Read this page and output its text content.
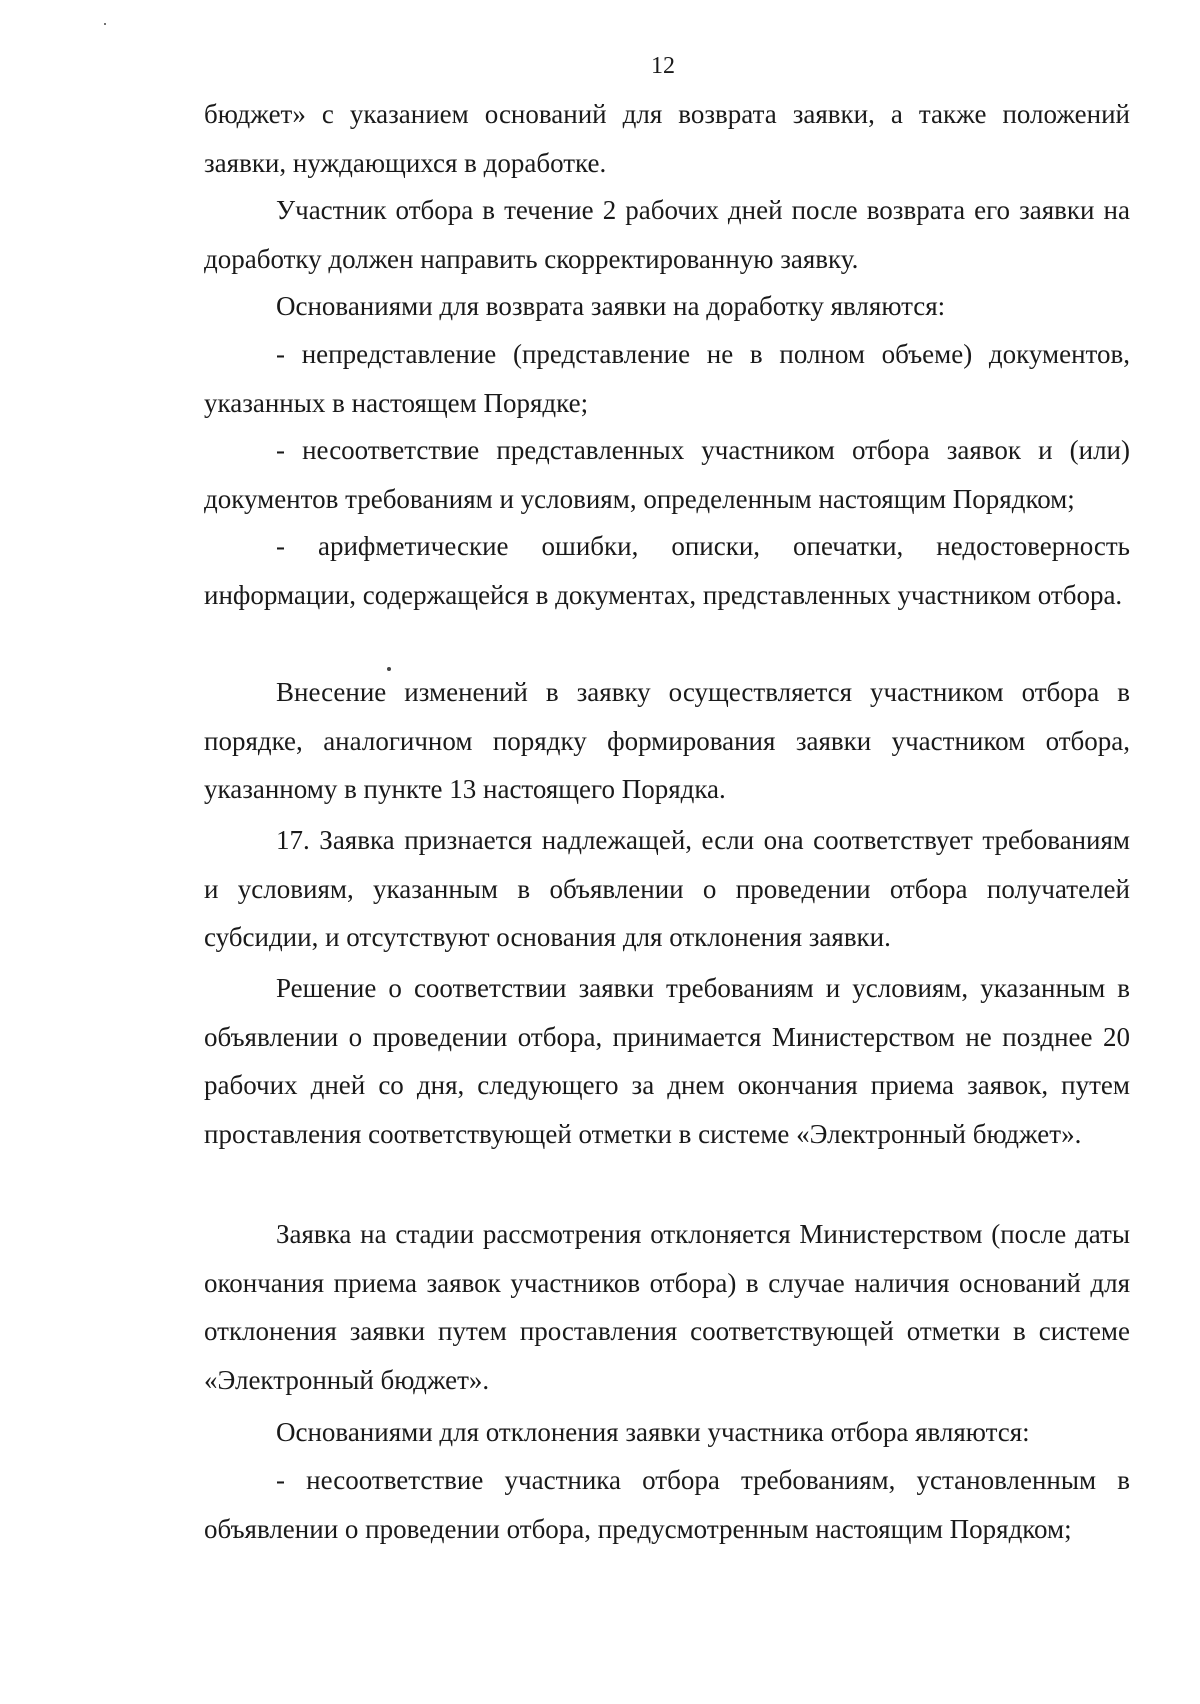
12

бюджет» с указанием оснований для возврата заявки, а также положений заявки, нуждающихся в доработке.

Участник отбора в течение 2 рабочих дней после возврата его заявки на доработку должен направить скорректированную заявку.

Основаниями для возврата заявки на доработку являются:

- непредставление (представление не в полном объеме) документов, указанных в настоящем Порядке;

- несоответствие представленных участником отбора заявок и (или) документов требованиям и условиям, определенным настоящим Порядком;

- арифметические ошибки, описки, опечатки, недостоверность информации, содержащейся в документах, представленных участником отбора.

Внесение изменений в заявку осуществляется участником отбора в порядке, аналогичном порядку формирования заявки участником отбора, указанному в пункте 13 настоящего Порядка.

17. Заявка признается надлежащей, если она соответствует требованиям и условиям, указанным в объявлении о проведении отбора получателей субсидии, и отсутствуют основания для отклонения заявки.

Решение о соответствии заявки требованиям и условиям, указанным в объявлении о проведении отбора, принимается Министерством не позднее 20 рабочих дней со дня, следующего за днем окончания приема заявок, путем проставления соответствующей отметки в системе «Электронный бюджет».

Заявка на стадии рассмотрения отклоняется Министерством (после даты окончания приема заявок участников отбора) в случае наличия оснований для отклонения заявки путем проставления соответствующей отметки в системе «Электронный бюджет».

Основаниями для отклонения заявки участника отбора являются:

- несоответствие участника отбора требованиям, установленным в объявлении о проведении отбора, предусмотренным настоящим Порядком;
